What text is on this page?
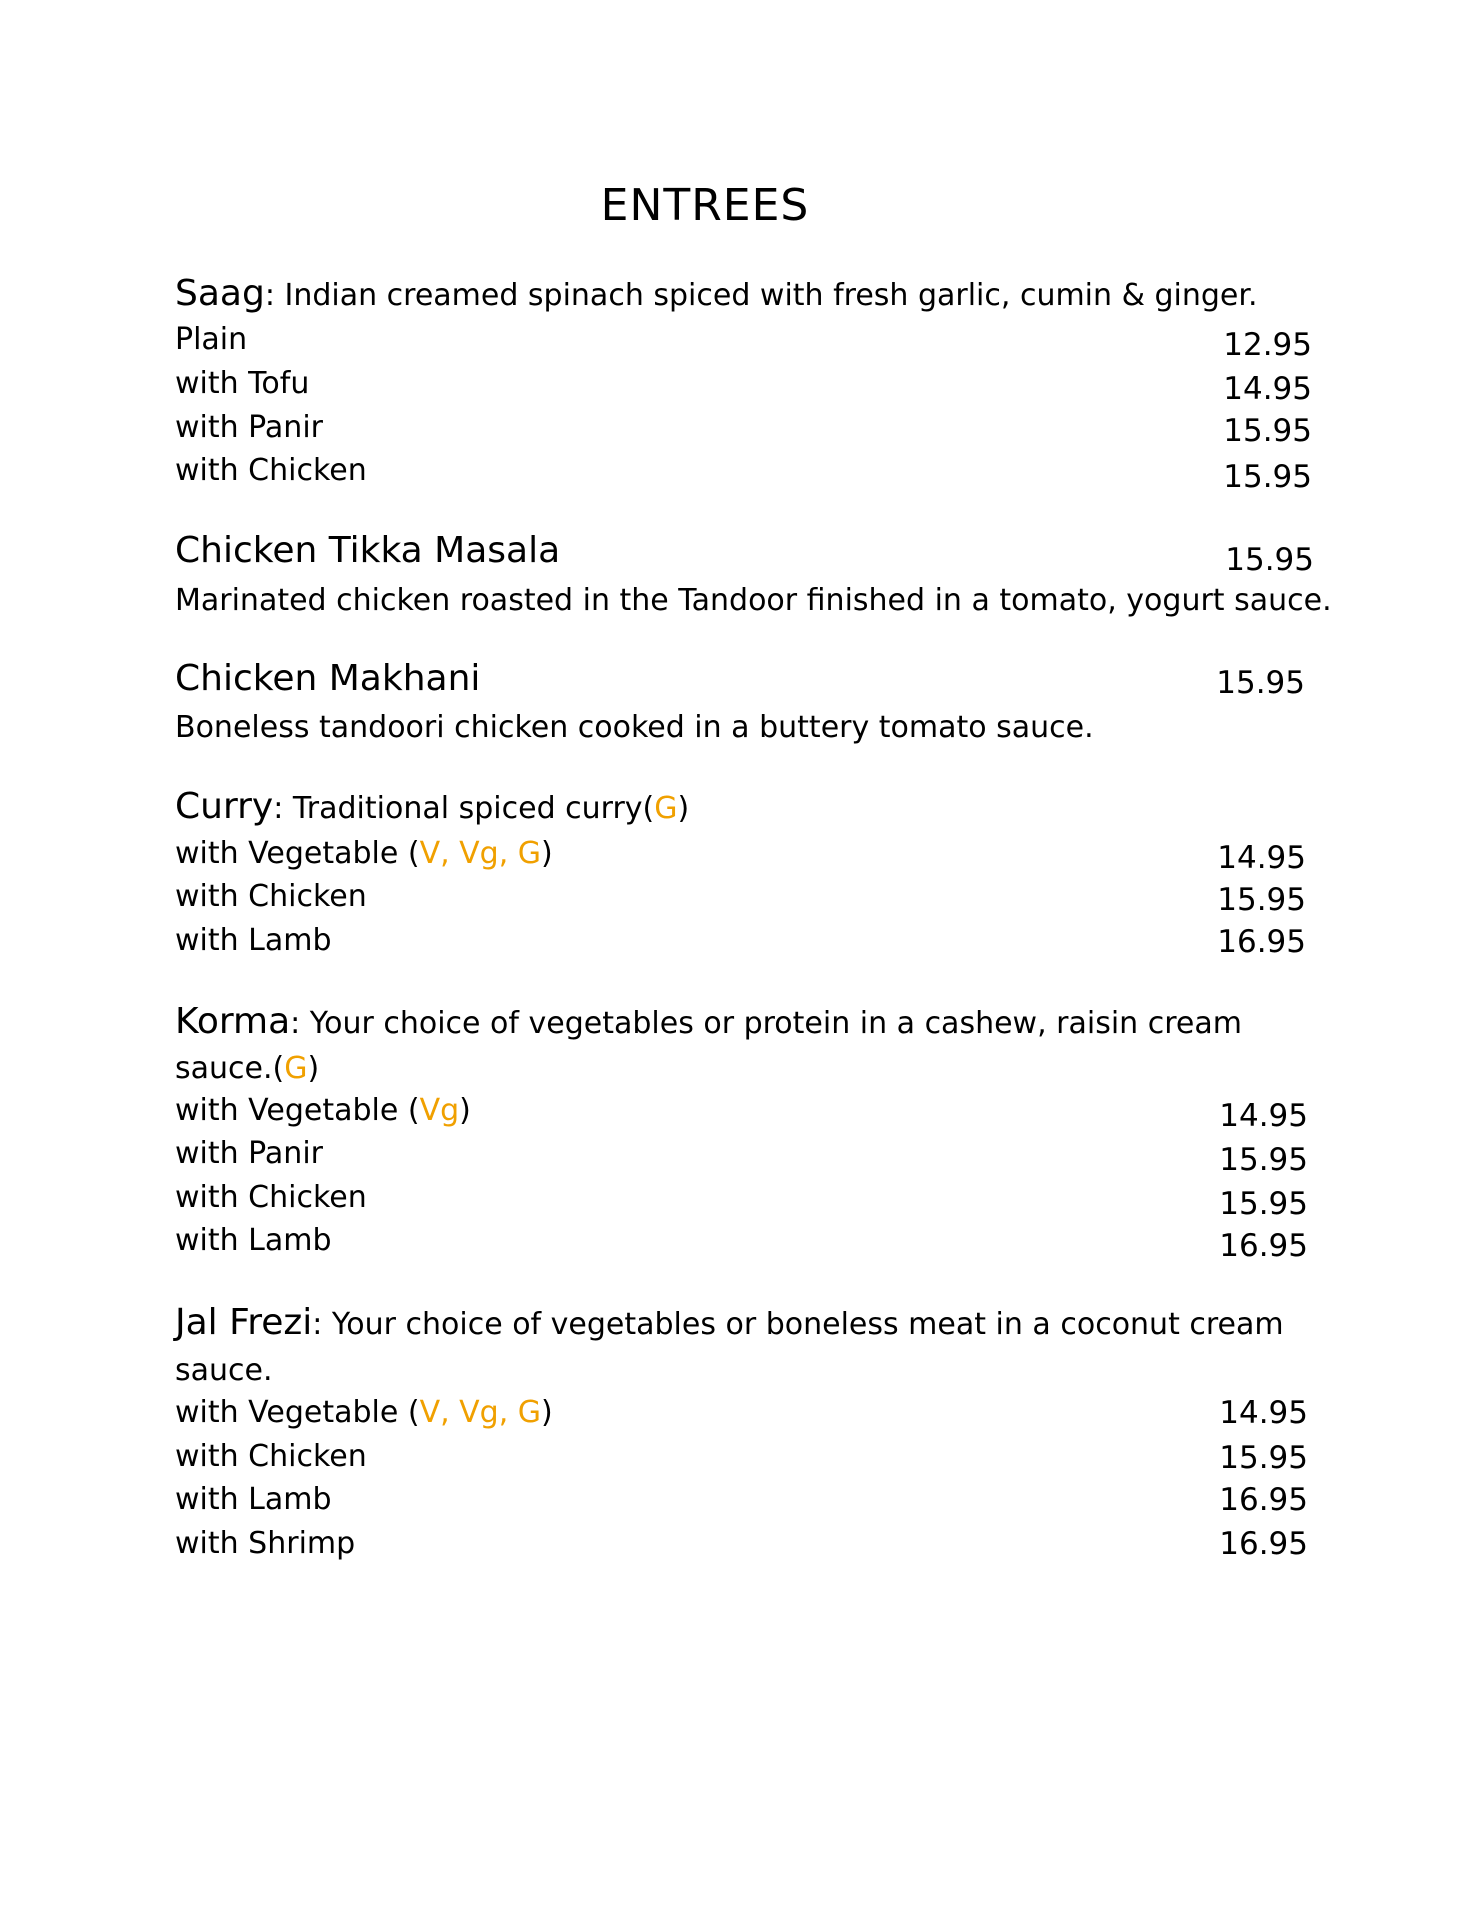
ENTREES
Saag: Indian creamed spinach spiced with fresh garlic, cumin & ginger.
Plain	12.95
with Tofu	14.95
with Panir	15.95
with Chicken	15.95
Chicken Tikka Masala	15.95
Marinated chicken roasted in the Tandoor finished in a tomato, yogurt sauce.
Chicken Makhani	15.95
Boneless tandoori chicken cooked in a buttery tomato sauce.
Curry: Traditional spiced curry(G)
with Vegetable (V, Vg, G)	14.95
with Chicken	15.95
with Lamb	16.95
Korma: Your choice of vegetables or protein in a cashew, raisin cream
sauce.(G)
with Vegetable (Vg)	14.95
with Panir	15.95
with Chicken	15.95
with Lamb	16.95
Jal Frezi: Your choice of vegetables or boneless meat in a coconut cream
sauce.
with Vegetable (V, Vg, G)	14.95
with Chicken	15.95
with Lamb	16.95
with Shrimp	16.95
